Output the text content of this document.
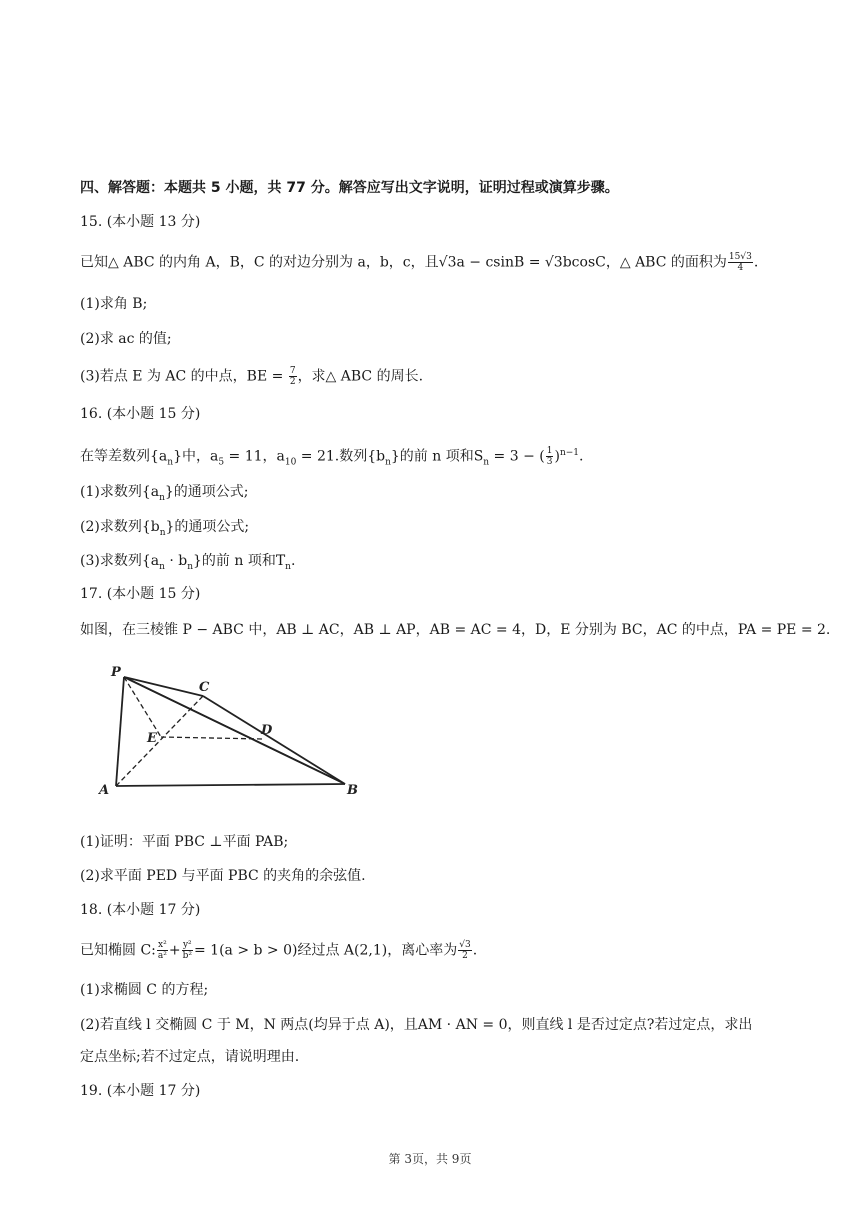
四、解答题：本题共 5 小题，共 77 分。解答应写出文字说明，证明过程或演算步骤。
15. (本小题 13 分)
已知△ ABC 的内角 A，B，C 的对边分别为 a，b，c，且√3a − csinB = √3bcosC，△ ABC 的面积为 $\frac{15√3}{4}$ .
(1)求角 B;
(2)求 ac 的值;
(3)若点 E 为 AC 的中点，BE = $\frac{7}{2}$ ，求△ ABC 的周长.
16. (本小题 15 分)
在等差数列$\{a_n\}$中，$a_5 = 11$，$a_{10} = 21$.数列$\{b_n\}$的前 n 项和$S_n = 3$ − ( $\frac{1}{3} )^{n-1}$.
(1)求数列$\{a_n\}$的通项公式;
(2)求数列$\{b_n\}$的通项公式;
(3)求数列$\{a_n \cdot b_n\}$的前 n 项和$T_n$.
17. (本小题 15 分)
如图，在三棱锥 P − ABC 中，AB ⊥ AC，AB ⊥ AP，AB = AC = 4，D，E 分别为 BC，AC 的中点，PA = PE = 2.
P
C
D
E
A	B
(1)证明：平面 PBC ⊥平面 PAB;
(2)求平面 PED 与平面 PBC 的夹角的余弦值.
18. (本小题 17 分)
已知椭圆 C: $\frac{\text{x²}}{\text{a²}} + \frac{\text{y²}}{\text{b²}} = 1(a > b > 0)$经过点 A(2,1)，离心率为 $\frac{√3}{2}$ .
(1)求椭圆 C 的方程;
(2)若直线 l 交椭圆 C 于 M，N 两点(均异于点 A)，且AM · AN = 0，则直线 l 是否过定点?若过定点，求出
定点坐标;若不过定点，请说明理由.
19. (本小题 17 分)
第 3页，共 9页
